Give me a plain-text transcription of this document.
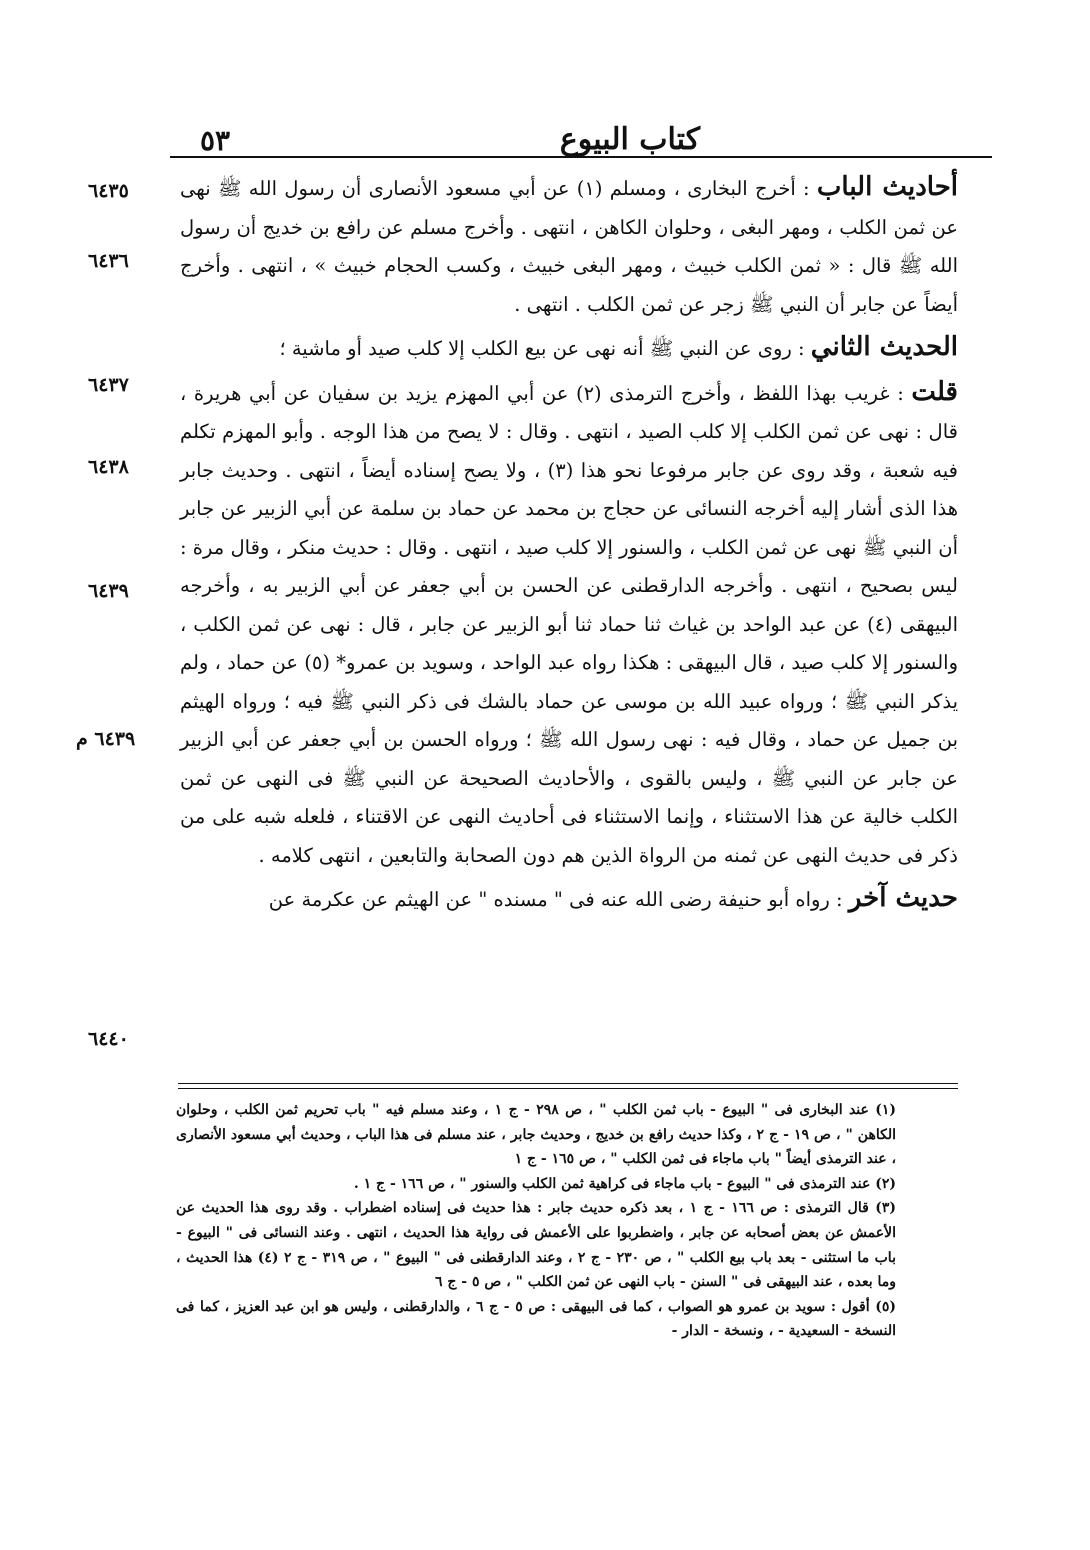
٥٣	كتاب البيوع
٦٤٣٥
٦٤٣٦
٦٤٣٧
٦٤٣٨
٦٤٣٩
٦٤٣٩ م
٦٤٤٠

أحاديث الباب : أخرج البخارى ، ومسلم (١) عن أبي مسعود الأنصارى أن رسول الله ﷺ نهى عن ثمن الكلب ، ومهر البغى ، وحلوان الكاهن ، انتهى . وأخرج مسلم عن رافع بن خديج أن رسول الله ﷺ قال : « ثمن الكلب خبيث ، ومهر البغى خبيث ، وكسب الحجام خبيث » ، انتهى . وأخرج أيضاً عن جابر أن النبي ﷺ زجر عن ثمن الكلب . انتهى .

الحديث الثاني : روى عن النبي ﷺ أنه نهى عن بيع الكلب إلا كلب صيد أو ماشية ؛

قلت : غريب بهذا اللفظ ، وأخرج الترمذى (٢) عن أبي المهزم يزيد بن سفيان عن أبي هريرة ، قال : نهى عن ثمن الكلب إلا كلب الصيد ، انتهى . وقال : لا يصح من هذا الوجه . وأبو المهزم تكلم فيه شعبة ، وقد روى عن جابر مرفوعا نحو هذا (٣) ، ولا يصح إسناده أيضاً ، انتهى . وحديث جابر هذا الذى أشار إليه أخرجه النسائى عن حجاج بن محمد عن حماد بن سلمة عن أبي الزبير عن جابر أن النبي ﷺ نهى عن ثمن الكلب ، والسنور إلا كلب صيد ، انتهى . وقال : حديث منكر ، وقال مرة : ليس بصحيح ، انتهى . وأخرجه الدارقطنى عن الحسن بن أبي جعفر عن أبي الزبير به ، وأخرجه البيهقى (٤) عن عبد الواحد بن غياث ثنا حماد ثنا أبو الزبير عن جابر ، قال : نهى عن ثمن الكلب ، والسنور إلا كلب صيد ، قال البيهقى : هكذا رواه عبد الواحد ، وسويد بن عمرو* (٥) عن حماد ، ولم يذكر النبي ﷺ ؛ ورواه عبيد الله بن موسى عن حماد بالشك فى ذكر النبي ﷺ فيه ؛ ورواه الهيثم بن جميل عن حماد ، وقال فيه : نهى رسول الله ﷺ ؛ ورواه الحسن بن أبي جعفر عن أبي الزبير عن جابر عن النبي ﷺ ، وليس بالقوى ، والأحاديث الصحيحة عن النبي ﷺ فى النهى عن ثمن الكلب خالية عن هذا الاستثناء ، وإنما الاستثناء فى أحاديث النهى عن الاقتناء ، فلعله شبه على من ذكر فى حديث النهى عن ثمنه من الرواة الذين هم دون الصحابة والتابعين ، انتهى كلامه .

حديث آخر : رواه أبو حنيفة رضى الله عنه فى " مسنده " عن الهيثم عن عكرمة عن

(١) عند البخارى فى " البيوع - باب ثمن الكلب " ، ص ٢٩٨ - ج ١ ، وعند مسلم فيه " باب تحريم ثمن الكلب ، وحلوان الكاهن " ، ص ١٩ - ج ٢ ، وكذا حديث رافع بن خديج ، وحديث جابر ، عند مسلم فى هذا الباب ، وحديث أبي مسعود الأنصارى ، عند الترمذى أيضاً " باب ماجاء فى ثمن الكلب " ، ص ١٦٥ - ج ١

(٢) عند الترمذى فى " البيوع - باب ماجاء فى كراهية ثمن الكلب والسنور " ، ص ١٦٦ - ج ١ .

(٣) قال الترمذى : ص ١٦٦ - ج ١ ، بعد ذكره حديث جابر : هذا حديث فى إسناده اضطراب . وقد روى هذا الحديث عن الأعمش عن بعض أصحابه عن جابر ، واضطربوا على الأعمش فى رواية هذا الحديث ، انتهى . وعند النسائى فى " البيوع - باب ما استثنى - بعد باب بيع الكلب " ، ص ٢٣٠ - ج ٢ ، وعند الدارقطنى فى " البيوع " ، ص ٣١٩ - ج ٢ (٤) هذا الحديث ، وما بعده ، عند البيهقى فى " السنن - باب النهى عن ثمن الكلب " ، ص ٥ - ج ٦

(٥) أقول : سويد بن عمرو هو الصواب ، كما فى البيهقى : ص ٥ - ج ٦ ، والدارقطنى ، وليس هو ابن عبد العزيز ، كما فى النسخة - السعيدية - ، ونسخة - الدار -
